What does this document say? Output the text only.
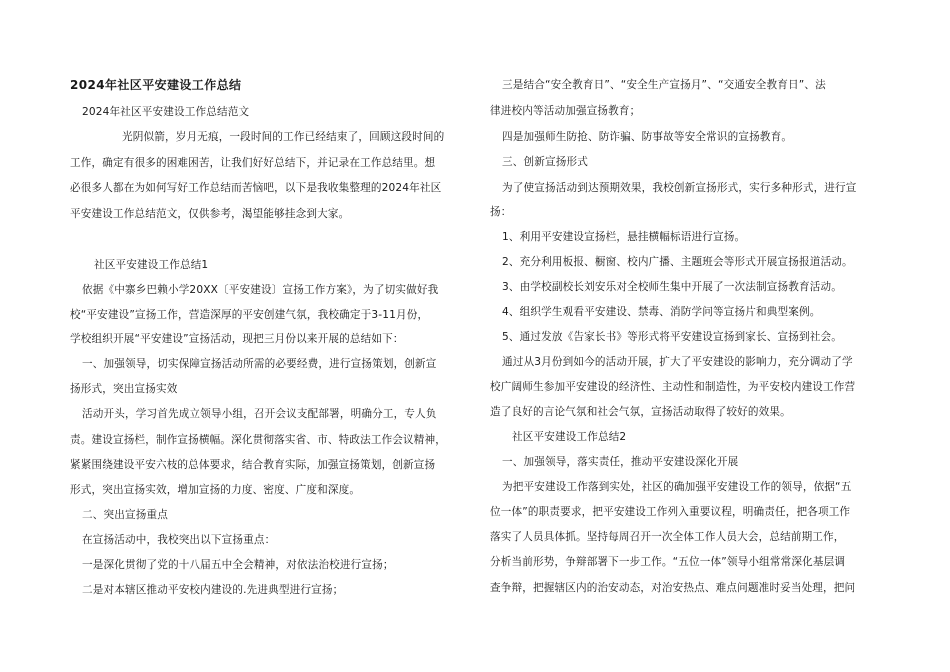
2024年社区平安建设工作总结
2024年社区平安建设工作总结范文
光阴似箭，岁月无痕，一段时间的工作已经结束了，回顾这段时间的
工作，确定有很多的困难困苦，让我们好好总结下，并记录在工作总结里。想
必很多人都在为如何写好工作总结而苦恼吧，以下是我收集整理的2024年社区
平安建设工作总结范文，仅供参考，渴望能够挂念到大家。
社区平安建设工作总结1
依据《中寨乡巴赖小学20XX〔平安建设〕宣扬工作方案》，为了切实做好我
校“平安建设”宣扬工作，营造深厚的平安创建气氛，我校确定于3-11月份，
学校组织开展“平安建设”宣扬活动，现把三月份以来开展的总结如下：
一、加强领导，切实保障宣扬活动所需的必要经费，进行宣扬策划，创新宣
扬形式，突出宣扬实效
活动开头，学习首先成立领导小组，召开会议支配部署，明确分工，专人负
责。建设宣扬栏，制作宣扬横幅。深化贯彻落实省、市、特政法工作会议精神，
紧紧围绕建设平安六枝的总体要求，结合教育实际，加强宣扬策划，创新宣扬
形式，突出宣扬实效，增加宣扬的力度、密度、广度和深度。
二、突出宣扬重点
在宣扬活动中，我校突出以下宣扬重点：
一是深化贯彻了党的十八届五中全会精神，对依法治校进行宣扬；
二是对本辖区推动平安校内建设的.先进典型进行宣扬；
三是结合“安全教育日”、“安全生产宣扬月”、“交通安全教育日”、法
律进校内等活动加强宣扬教育；
四是加强师生防抢、防诈骗、防事故等安全常识的宣扬教育。
三、创新宣扬形式
为了使宣扬活动到达预期效果，我校创新宣扬形式，实行多种形式，进行宣
扬：
1、利用平安建设宣扬栏，悬挂横幅标语进行宣扬。
2、充分利用板报、橱窗、校内广播、主题班会等形式开展宣扬报道活动。
3、由学校副校长刘安乐对全校师生集中开展了一次法制宣扬教育活动。
4、组织学生观看平安建设、禁毒、消防学问等宣扬片和典型案例。
5、通过发放《告家长书》等形式将平安建设宣扬到家长、宣扬到社会。
通过从3月份到如今的活动开展，扩大了平安建设的影响力，充分调动了学
校广阔师生参加平安建设的经济性、主动性和制造性，为平安校内建设工作营
造了良好的言论气氛和社会气氛，宣扬活动取得了较好的效果。
社区平安建设工作总结2
一、加强领导，落实责任，推动平安建设深化开展
为把平安建设工作落到实处，社区的确加强平安建设工作的领导，依据“五
位一体”的职责要求，把平安建设工作列入重要议程，明确责任，把各项工作
落实了人员具体抓。坚持每周召开一次全体工作人员大会，总结前期工作，
分析当前形势，争辩部署下一步工作。“五位一体”领导小组常常深化基层调
查争辩，把握辖区内的治安动态，对治安热点、难点问题准时妥当处理，把问
